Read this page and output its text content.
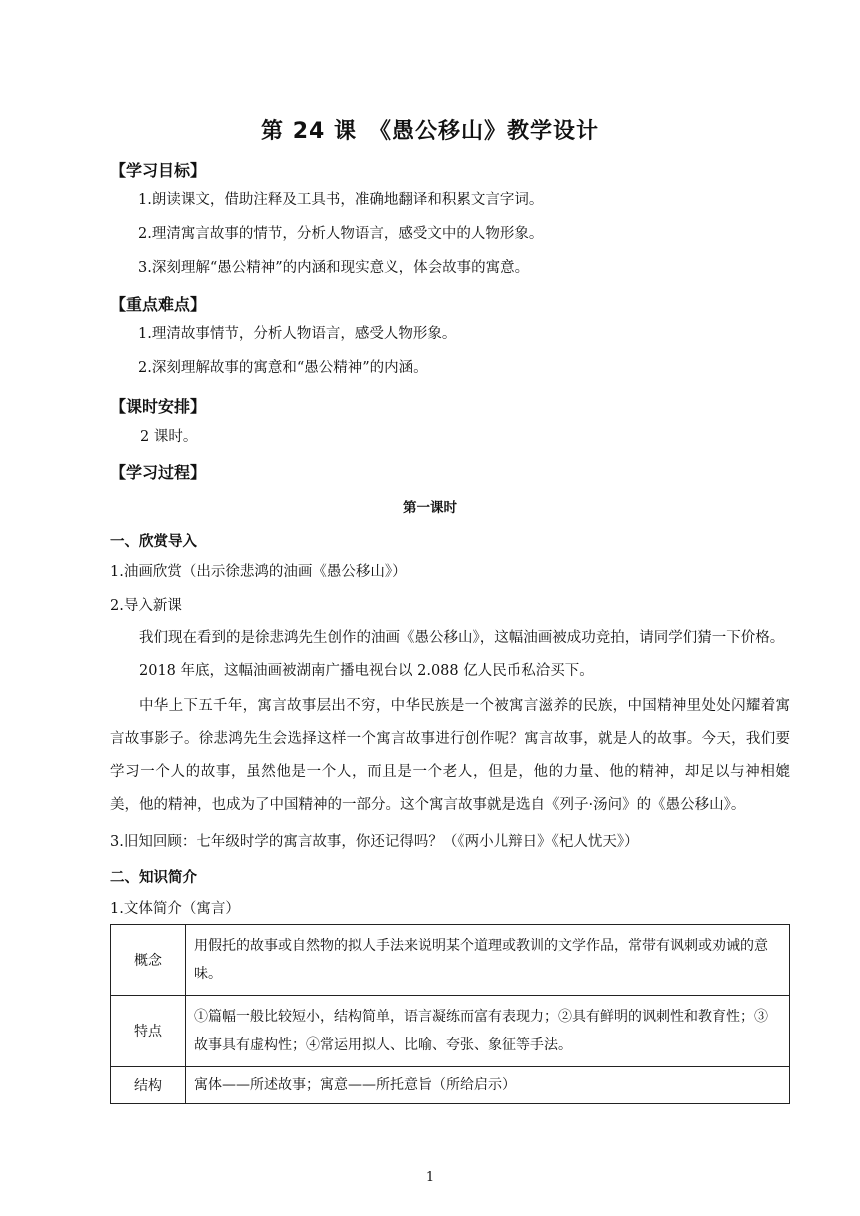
第 24 课　《愚公移山》教学设计
【学习目标】
1.朗读课文，借助注释及工具书，准确地翻译和积累文言字词。
2.理清寓言故事的情节，分析人物语言，感受文中的人物形象。
3.深刻理解“愚公精神”的内涵和现实意义，体会故事的寓意。
【重点难点】
1.理清故事情节，分析人物语言，感受人物形象。
2.深刻理解故事的寓意和“愚公精神”的内涵。
【课时安排】
2 课时。
【学习过程】
第一课时
一、欣赏导入
1.油画欣赏（出示徐悲鸿的油画《愚公移山》）
2.导入新课
我们现在看到的是徐悲鸿先生创作的油画《愚公移山》，这幅油画被成功竞拍，请同学们猜一下价格。
2018 年底，这幅油画被湖南广播电视台以 2.088 亿人民币私洽买下。
中华上下五千年，寓言故事层出不穷，中华民族是一个被寓言滋养的民族，中国精神里处处闪耀着寓言故事影子。徐悲鸿先生会选择这样一个寓言故事进行创作呢？寓言故事，就是人的故事。今天，我们要学习一个人的故事，虽然他是一个人，而且是一个老人，但是，他的力量、他的精神，却足以与神相媲美，他的精神，也成为了中国精神的一部分。这个寓言故事就是选自《列子·汤问》的《愚公移山》。
3.旧知回顾：七年级时学的寓言故事，你还记得吗？（《两小儿辩日》《杞人忧天》）
二、知识简介
1.文体简介（寓言）
概念	用假托的故事或自然物的拟人手法来说明某个道理或教训的文学作品，常带有讽刺或劝诫的意味。
特点	①篇幅一般比较短小，结构简单，语言凝练而富有表现力；②具有鲜明的讽刺性和教育性；③故事具有虚构性；④常运用拟人、比喻、夸张、象征等手法。
结构	寓体——所述故事；寓意——所托意旨（所给启示）
1
